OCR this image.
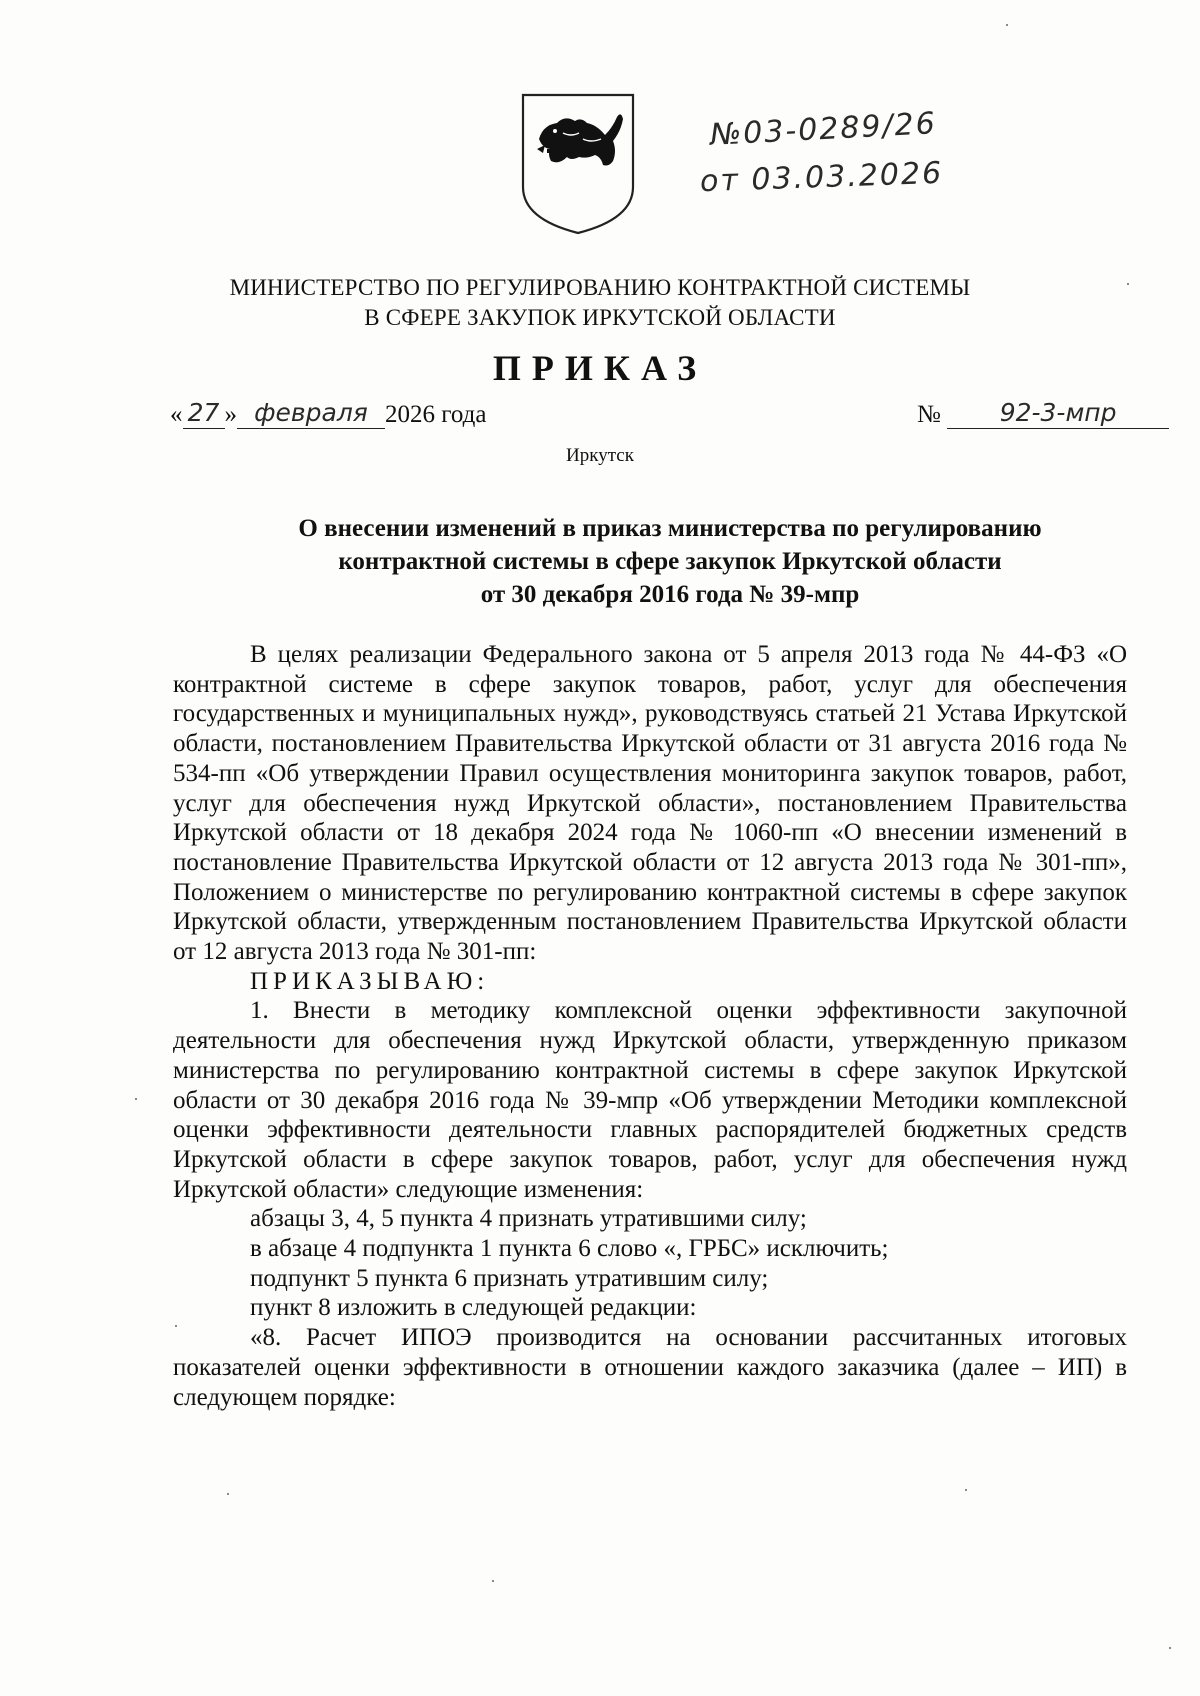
№03-0289/26
от 03.03.2026
МИНИСТЕРСТВО ПО РЕГУЛИРОВАНИЮ КОНТРАКТНОЙ СИСТЕМЫ
В СФЕРЕ ЗАКУПОК ИРКУТСКОЙ ОБЛАСТИ
ПРИКАЗ
« 27 » февраля 2026 года	№ 92-3-мпр
Иркутск
О внесении изменений в приказ министерства по регулированию
контрактной системы в сфере закупок Иркутской области
от 30 декабря 2016 года № 39-мпр

В целях реализации Федерального закона от 5 апреля 2013 года № 44-ФЗ «О контрактной системе в сфере закупок товаров, работ, услуг для обеспечения государственных и муниципальных нужд», руководствуясь статьей 21 Устава Иркутской области, постановлением Правительства Иркутской области от 31 августа 2016 года № 534-пп «Об утверждении Правил осуществления мониторинга закупок товаров, работ, услуг для обеспечения нужд Иркутской области», постановлением Правительства Иркутской области от 18 декабря 2024 года № 1060-пп «О внесении изменений в постановление Правительства Иркутской области от 12 августа 2013 года № 301-пп», Положением о министерстве по регулированию контрактной системы в сфере закупок Иркутской области, утвержденным постановлением Правительства Иркутской области от 12 августа 2013 года № 301-пп:

ПРИКАЗЫВАЮ:

1. Внести в методику комплексной оценки эффективности закупочной деятельности для обеспечения нужд Иркутской области, утвержденную приказом министерства по регулированию контрактной системы в сфере закупок Иркутской области от 30 декабря 2016 года № 39-мпр «Об утверждении Методики комплексной оценки эффективности деятельности главных распорядителей бюджетных средств Иркутской области в сфере закупок товаров, работ, услуг для обеспечения нужд Иркутской области» следующие изменения:

абзацы 3, 4, 5 пункта 4 признать утратившими силу;

в абзаце 4 подпункта 1 пункта 6 слово «, ГРБС» исключить;

подпункт 5 пункта 6 признать утратившим силу;

пункт 8 изложить в следующей редакции:

«8. Расчет ИПОЭ производится на основании рассчитанных итоговых показателей оценки эффективности в отношении каждого заказчика (далее – ИП) в следующем порядке:
